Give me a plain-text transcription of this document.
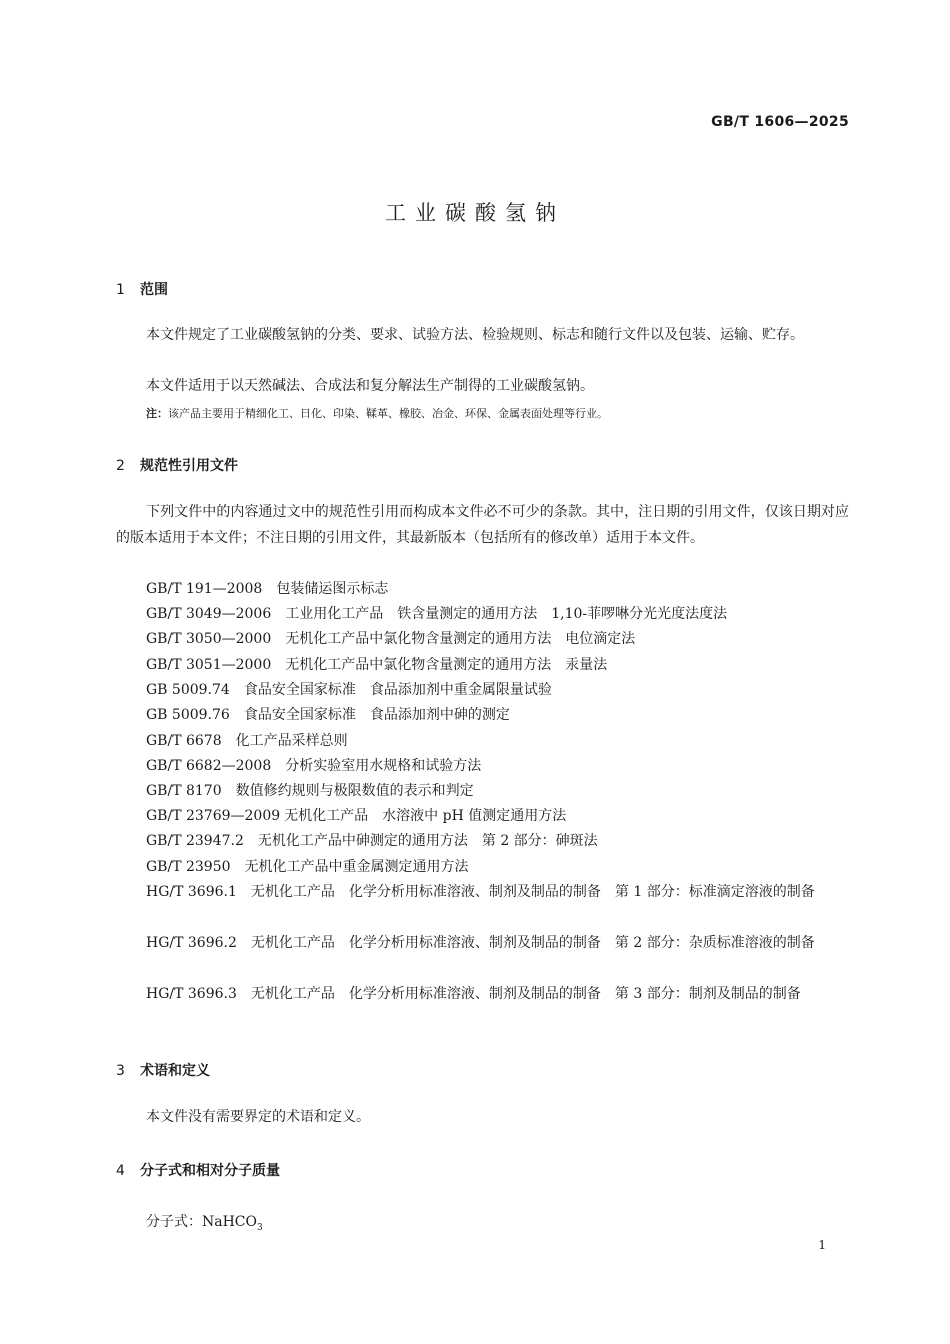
GB/T 1606—2025
工业碳酸氢钠
1 范围
本文件规定了工业碳酸氢钠的分类、要求、试验方法、检验规则、标志和随行文件以及包装、运输、贮存。
本文件适用于以天然碱法、合成法和复分解法生产制得的工业碳酸氢钠。
注：该产品主要用于精细化工、日化、印染、鞣革、橡胶、冶金、环保、金属表面处理等行业。
2 规范性引用文件
下列文件中的内容通过文中的规范性引用而构成本文件必不可少的条款。其中，注日期的引用文件，仅该日期对应的版本适用于本文件；不注日期的引用文件，其最新版本（包括所有的修改单）适用于本文件。
GB/T 191—2008 包装储运图示标志
GB/T 3049—2006 工业用化工产品　铁含量测定的通用方法　1,10-菲啰啉分光光度法度法
GB/T 3050—2000 无机化工产品中氯化物含量测定的通用方法　电位滴定法
GB/T 3051—2000 无机化工产品中氯化物含量测定的通用方法　汞量法
GB 5009.74 食品安全国家标准　食品添加剂中重金属限量试验
GB 5009.76 食品安全国家标准　食品添加剂中砷的测定
GB/T 6678 化工产品采样总则
GB/T 6682—2008 分析实验室用水规格和试验方法
GB/T 8170 数值修约规则与极限数值的表示和判定
GB/T 23769—2009 无机化工产品　水溶液中 pH 值测定通用方法
GB/T 23947.2 无机化工产品中砷测定的通用方法　第 2 部分：砷斑法
GB/T 23950 无机化工产品中重金属测定通用方法
HG/T 3696.1 无机化工产品　化学分析用标准溶液、制剂及制品的制备　第 1 部分：标准滴定溶液的制备
HG/T 3696.2 无机化工产品　化学分析用标准溶液、制剂及制品的制备　第 2 部分：杂质标准溶液的制备
HG/T 3696.3 无机化工产品　化学分析用标准溶液、制剂及制品的制备　第 3 部分：制剂及制品的制备
3 术语和定义
本文件没有需要界定的术语和定义。
4 分子式和相对分子质量
分子式：NaHCO$_3$
1
